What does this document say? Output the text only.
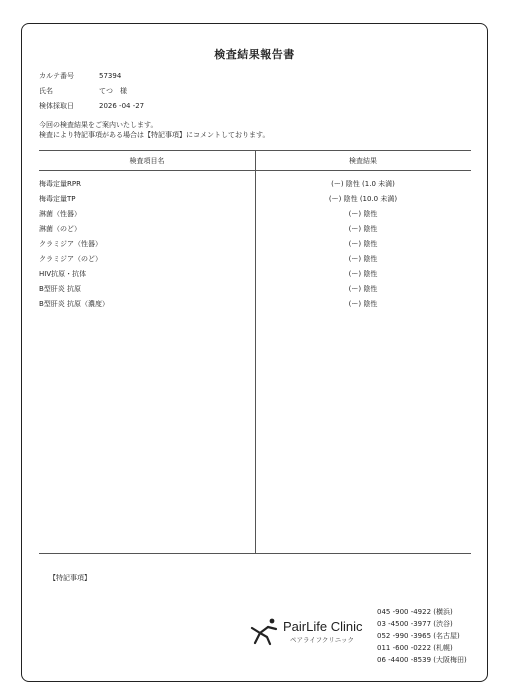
検査結果報告書
カルテ番号	57394
氏名	てつ　様
検体採取日	2026 -04 -27
今回の検査結果をご案内いたします。
検査により特記事項がある場合は【特記事項】にコメントしております。
検査項目名	検査結果
梅毒定量RPR	(ー) 陰性 (1.0 未満)
梅毒定量TP	(ー) 陰性 (10.0 未満)
淋菌（性器）	(ー) 陰性
淋菌（のど）	(ー) 陰性
クラミジア（性器）	(ー) 陰性
クラミジア（のど）	(ー) 陰性
HIV抗原・抗体	(ー) 陰性
B型肝炎 抗原	(ー) 陰性
B型肝炎 抗原（濃度）	(ー) 陰性
【特記事項】
PairLife Clinic
ペアライフクリニック
045 -900 -4922 (横浜)
03 -4500 -3977 (渋谷)
052 -990 -3965 (名古屋)
011 -600 -0222 (札幌)
06 -4400 -8539 (大阪梅田)
